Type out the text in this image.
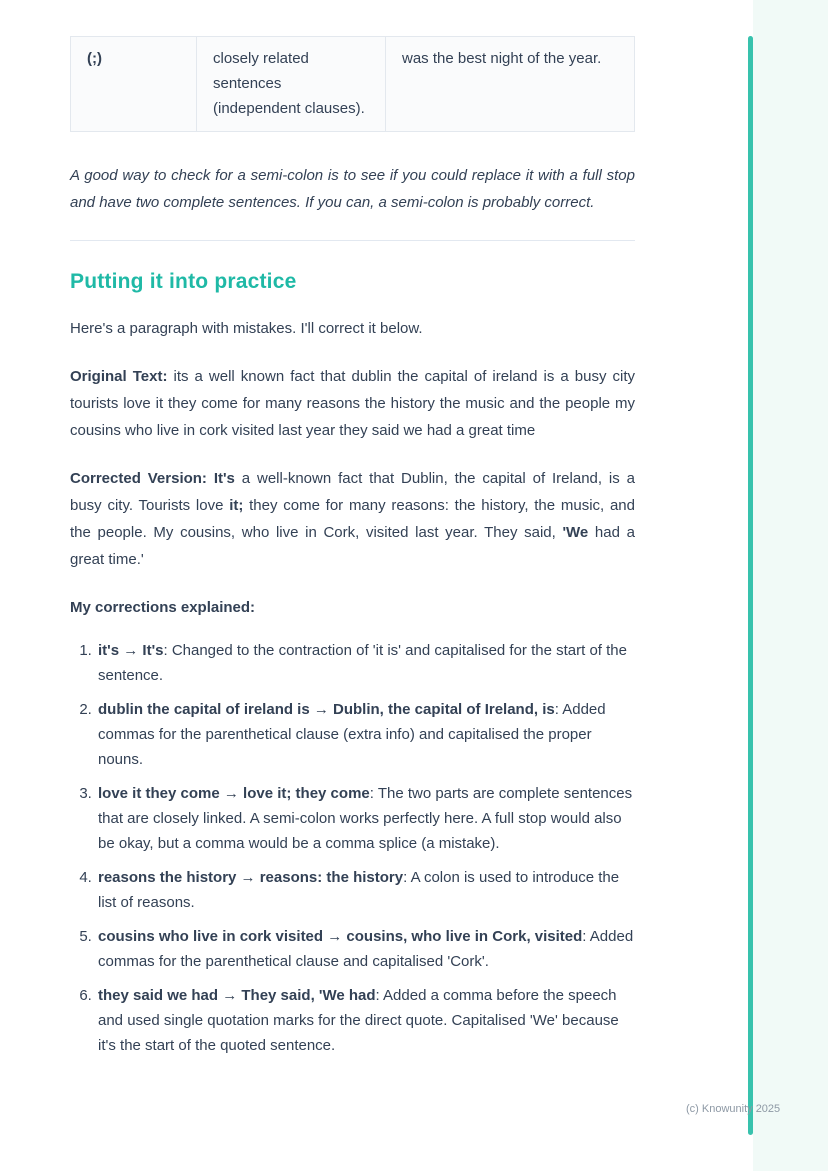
(;)	closely related sentences (independent clauses).	was the best night of the year.

A good way to check for a semi-colon is to see if you could replace it with a full stop and have two complete sentences. If you can, a semi-colon is probably correct.

Putting it into practice

Here's a paragraph with mistakes. I'll correct it below.

Original Text: its a well known fact that dublin the capital of ireland is a busy city tourists love it they come for many reasons the history the music and the people my cousins who live in cork visited last year they said we had a great time

Corrected Version: It's a well-known fact that Dublin, the capital of Ireland, is a busy city. Tourists love it; they come for many reasons: the history, the music, and the people. My cousins, who live in Cork, visited last year. They said, 'We had a great time.'

My corrections explained:

1. it's → It's: Changed to the contraction of 'it is' and capitalised for the start of the sentence.
2. dublin the capital of ireland is → Dublin, the capital of Ireland, is: Added commas for the parenthetical clause (extra info) and capitalised the proper nouns.
3. love it they come → love it; they come: The two parts are complete sentences that are closely linked. A semi-colon works perfectly here. A full stop would also be okay, but a comma would be a comma splice (a mistake).
4. reasons the history → reasons: the history: A colon is used to introduce the list of reasons.
5. cousins who live in cork visited → cousins, who live in Cork, visited: Added commas for the parenthetical clause and capitalised 'Cork'.
6. they said we had → They said, 'We had: Added a comma before the speech and used single quotation marks for the direct quote. Capitalised 'We' because it's the start of the quoted sentence.
(c) Knowunity 2025
